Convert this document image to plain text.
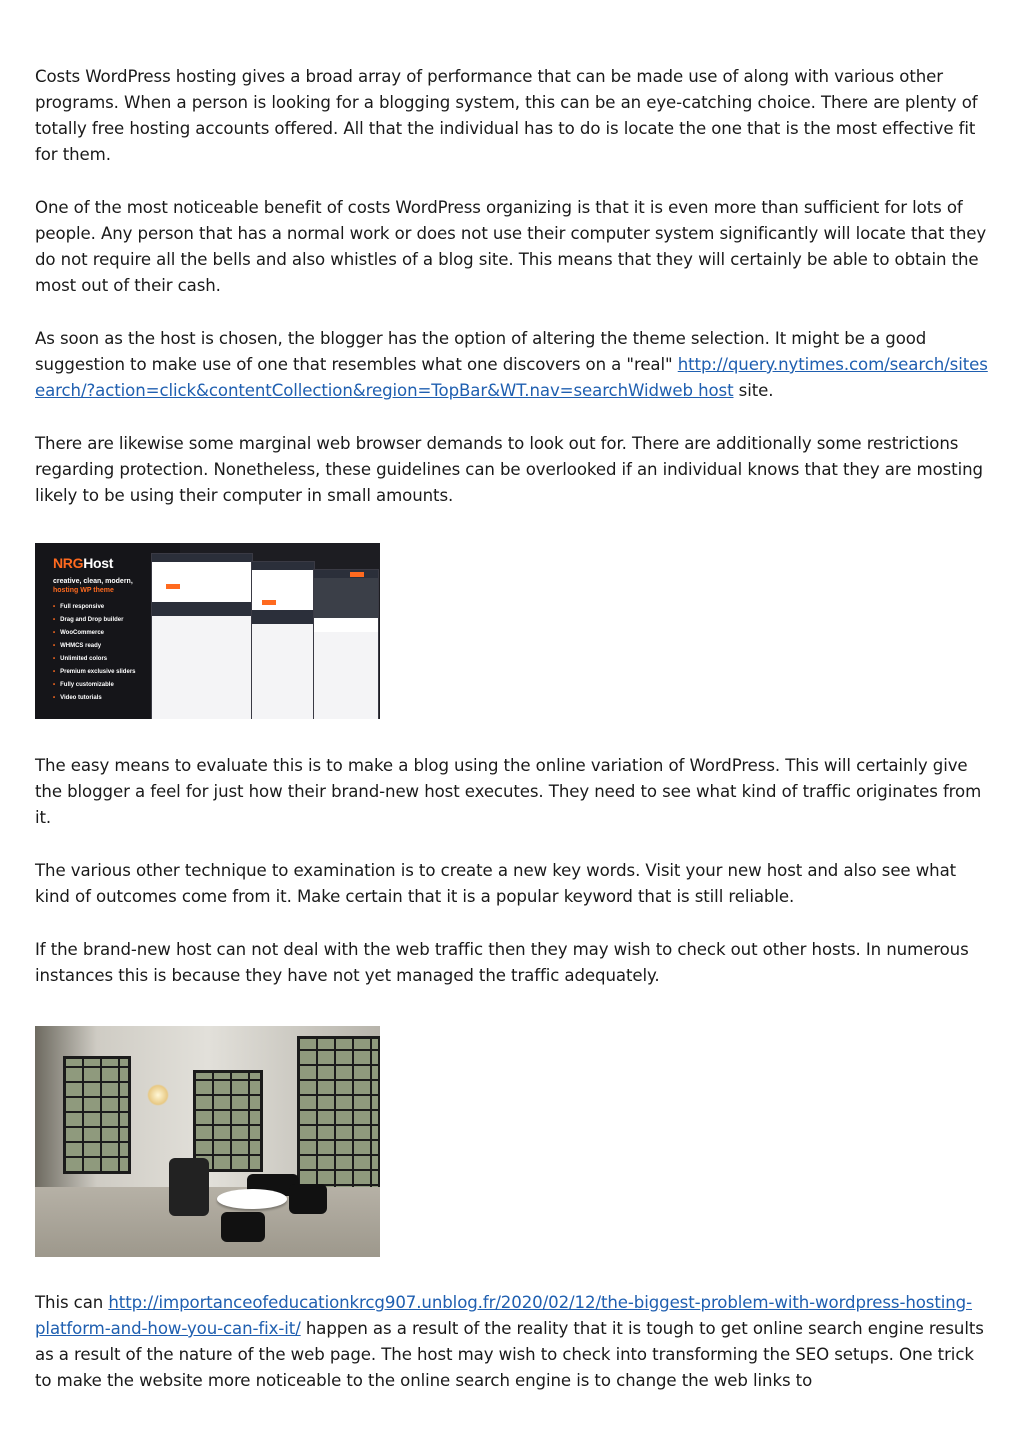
Costs WordPress hosting gives a broad array of performance that can be made use of along with various other programs. When a person is looking for a blogging system, this can be an eye-catching choice. There are plenty of totally free hosting accounts offered. All that the individual has to do is locate the one that is the most effective fit for them.

One of the most noticeable benefit of costs WordPress organizing is that it is even more than sufficient for lots of people. Any person that has a normal work or does not use their computer system significantly will locate that they do not require all the bells and also whistles of a blog site. This means that they will certainly be able to obtain the most out of their cash.

As soon as the host is chosen, the blogger has the option of altering the theme selection. It might be a good suggestion to make use of one that resembles what one discovers on a "real" http://query.nytimes.com/search/sitesearch/?action=click&contentCollection&region=TopBar&WT.nav=searchWidweb host site.

There are likewise some marginal web browser demands to look out for. There are additionally some restrictions regarding protection. Nonetheless, these guidelines can be overlooked if an individual knows that they are mosting likely to be using their computer in small amounts.

NRGHost
creative, clean, modern,
hosting WP theme
• Full responsive
• Drag and Drop builder
• WooCommerce
• WHMCS ready
• Unlimited colors
• Premium exclusive sliders
• Fully customizable
• Video tutorials

The easy means to evaluate this is to make a blog using the online variation of WordPress. This will certainly give the blogger a feel for just how their brand-new host executes. They need to see what kind of traffic originates from it.

The various other technique to examination is to create a new key words. Visit your new host and also see what kind of outcomes come from it. Make certain that it is a popular keyword that is still reliable.

If the brand-new host can not deal with the web traffic then they may wish to check out other hosts. In numerous instances this is because they have not yet managed the traffic adequately.

This can http://importanceofeducationkrcg907.unblog.fr/2020/02/12/the-biggest-problem-with-wordpress-hosting-platform-and-how-you-can-fix-it/ happen as a result of the reality that it is tough to get online search engine results as a result of the nature of the web page. The host may wish to check into transforming the SEO setups. One trick to make the website more noticeable to the online search engine is to change the web links to
